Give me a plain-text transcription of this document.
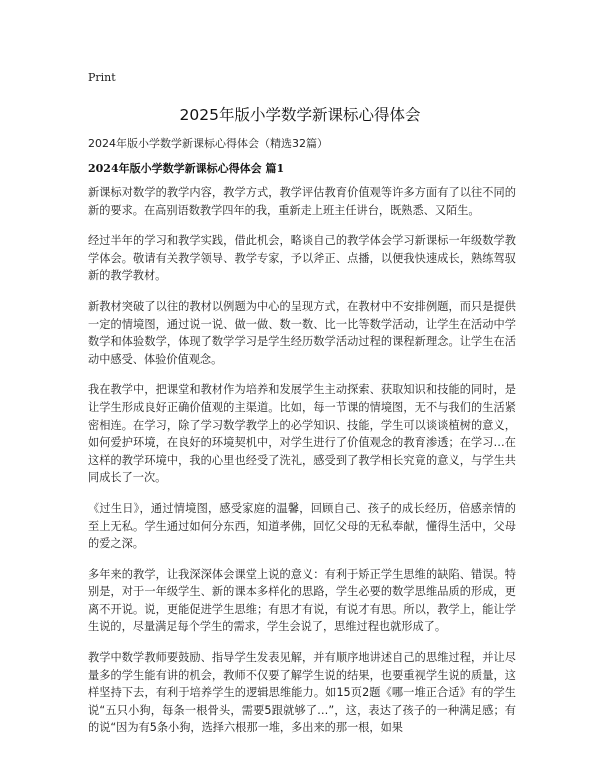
Print
2025年版小学数学新课标心得体会
2024年版小学数学新课标心得体会（精选32篇）
2024年版小学数学新课标心得体会 篇1

新课标对数学的教学内容，教学方式，教学评估教育价值观等许多方面有了以往不同的新的要求。在高别语数教学四年的我，重新走上班主任讲台，既熟悉、又陌生。

经过半年的学习和教学实践，借此机会，略谈自己的教学体会学习新课标一年级数学教学体会。敬请有关教学领导、教学专家，予以斧正、点播，以便我快速成长，熟练驾驭新的教学教材。

新教材突破了以往的教材以例题为中心的呈现方式，在教材中不安排例题，而只是提供一定的情境图，通过说一说、做一做、数一数、比一比等数学活动，让学生在活动中学数学和体验数学，体现了数学学习是学生经历数学活动过程的课程新理念。让学生在活动中感受、体验价值观念。

我在教学中，把课堂和教材作为培养和发展学生主动探索、获取知识和技能的同时，是让学生形成良好正确价值观的主渠道。比如，每一节课的情境图，无不与我们的生活紧密相连。在学习，除了学习数学教学上的必学知识、技能，学生可以谈谈植树的意义，如何爱护环境，在良好的环境契机中，对学生进行了价值观念的教育渗透；在学习…在这样的教学环境中，我的心里也经受了洗礼，感受到了教学相长究竟的意义，与学生共同成长了一次。

《过生日》，通过情境图，感受家庭的温馨，回顾自己、孩子的成长经历，倍感亲情的至上无私。学生通过如何分东西，知道孝佛，回忆父母的无私奉献，懂得生活中，父母的爱之深。

多年来的教学，让我深深体会课堂上说的意义：有利于矫正学生思维的缺陷、错误。特别是，对于一年级学生、新的课本多样化的思路，学生必要的数学思维品质的形成，更离不开说。说，更能促进学生思维；有思才有说，有说才有思。所以，教学上，能让学生说的，尽量满足每个学生的需求，学生会说了，思维过程也就形成了。

教学中数学教师要鼓励、指导学生发表见解，并有顺序地讲述自己的思维过程，并让尽量多的学生能有讲的机会，教师不仅要了解学生说的结果，也要重视学生说的质量，这样坚持下去，有利于培养学生的逻辑思维能力。如15页2题《哪一堆正合适》有的学生说“五只小狗，每条一根骨头，需要5跟就够了…”，这，表达了孩子的一种满足感；有的说“因为有5条小狗，选择六根那一堆，多出来的那一根，如果
